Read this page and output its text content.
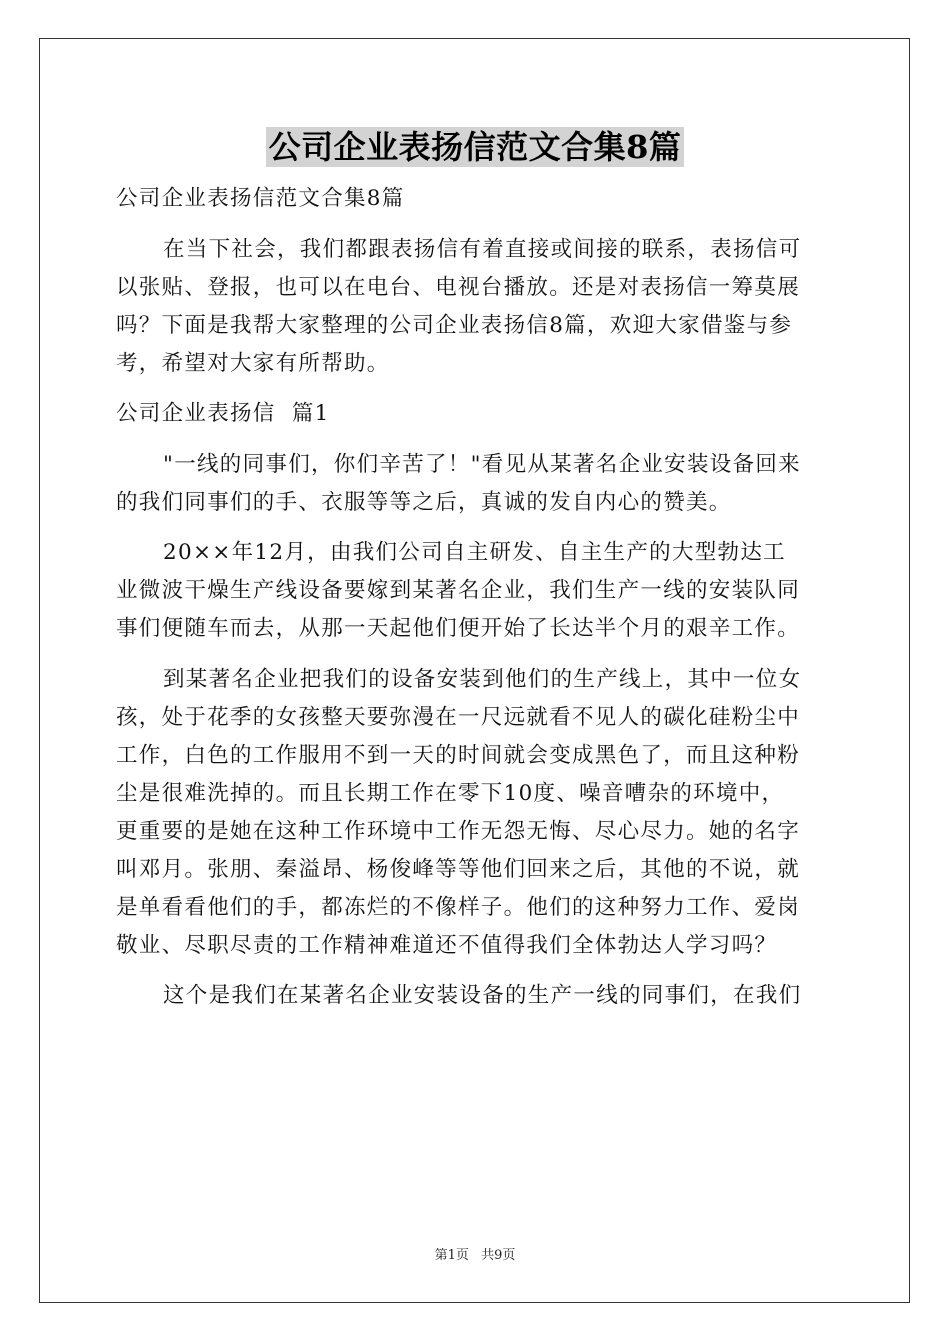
公司企业表扬信范文合集8篇

公司企业表扬信范文合集8篇

在当下社会，我们都跟表扬信有着直接或间接的联系，表扬信可

以张贴、登报，也可以在电台、电视台播放。还是对表扬信一筹莫展

吗？下面是我帮大家整理的公司企业表扬信8篇，欢迎大家借鉴与参

考，希望对大家有所帮助。

公司企业表扬信  篇1

"一线的同事们，你们辛苦了！"看见从某著名企业安装设备回来

的我们同事们的手、衣服等等之后，真诚的发自内心的赞美。

20××年12月，由我们公司自主研发、自主生产的大型勃达工

业微波干燥生产线设备要嫁到某著名企业，我们生产一线的安装队同

事们便随车而去，从那一天起他们便开始了长达半个月的艰辛工作。

到某著名企业把我们的设备安装到他们的生产线上，其中一位女

孩，处于花季的女孩整天要弥漫在一尺远就看不见人的碳化硅粉尘中

工作，白色的工作服用不到一天的时间就会变成黑色了，而且这种粉

尘是很难洗掉的。而且长期工作在零下10度、噪音嘈杂的环境中，

更重要的是她在这种工作环境中工作无怨无悔、尽心尽力。她的名字

叫邓月。张朋、秦溢昂、杨俊峰等等他们回来之后，其他的不说，就

是单看看他们的手，都冻烂的不像样子。他们的这种努力工作、爱岗

敬业、尽职尽责的工作精神难道还不值得我们全体勃达人学习吗？

这个是我们在某著名企业安装设备的生产一线的同事们，在我们

第1页 共9页
